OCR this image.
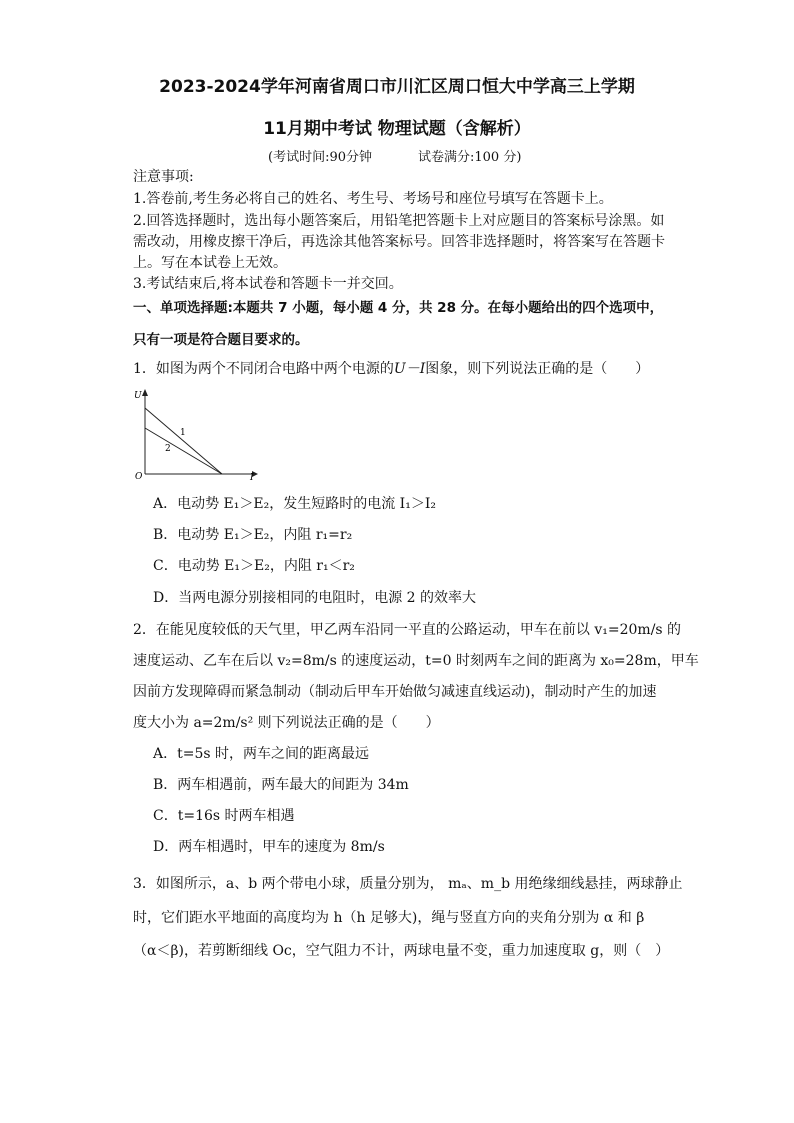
2023-2024学年河南省周口市川汇区周口恒大中学高三上学期
11月期中考试 物理试题（含解析）
(考试时间:90分钟	试卷满分:100 分)
注意事项:
1.答卷前,考生务必将自己的姓名、考生号、考场号和座位号填写在答题卡上。
2.回答选择题时，选出每小题答案后，用铅笔把答题卡上对应题目的答案标号涂黑。如
需改动，用橡皮擦干净后，再选涂其他答案标号。回答非选择题时，将答案写在答题卡
上。写在本试卷上无效。
3.考试结束后,将本试卷和答题卡一并交回。
一、单项选择题:本题共 7 小题，每小题 4 分，共 28 分。在每小题给出的四个选项中，
只有一项是符合题目要求的。
1．如图为两个不同闭合电路中两个电源的U－I图象，则下列说法正确的是（　　）
U
I
O
1
2
A．电动势 E₁＞E₂，发生短路时的电流 I₁＞I₂
B．电动势 E₁＞E₂，内阻 r₁=r₂
C．电动势 E₁＞E₂，内阻 r₁＜r₂
D．当两电源分别接相同的电阻时，电源 2 的效率大
2．在能见度较低的天气里，甲乙两车沿同一平直的公路运动，甲车在前以 v₁=20m/s 的
速度运动、乙车在后以 v₂=8m/s 的速度运动，t=0 时刻两车之间的距离为 x₀=28m，甲车
因前方发现障碍而紧急制动（制动后甲车开始做匀减速直线运动)，制动时产生的加速
度大小为 a=2m/s² 则下列说法正确的是（　　）
A．t=5s 时，两车之间的距离最远
B．两车相遇前，两车最大的间距为 34m
C．t=16s 时两车相遇
D．两车相遇时，甲车的速度为 8m/s
3．如图所示，a、b 两个带电小球，质量分别为， mₐ、m_b 用绝缘细线悬挂，两球静止
时，它们距水平地面的高度均为 h（h 足够大)，绳与竖直方向的夹角分别为 α 和 β
（α＜β)，若剪断细线 Oc，空气阻力不计，两球电量不变，重力加速度取 g，则（　）
